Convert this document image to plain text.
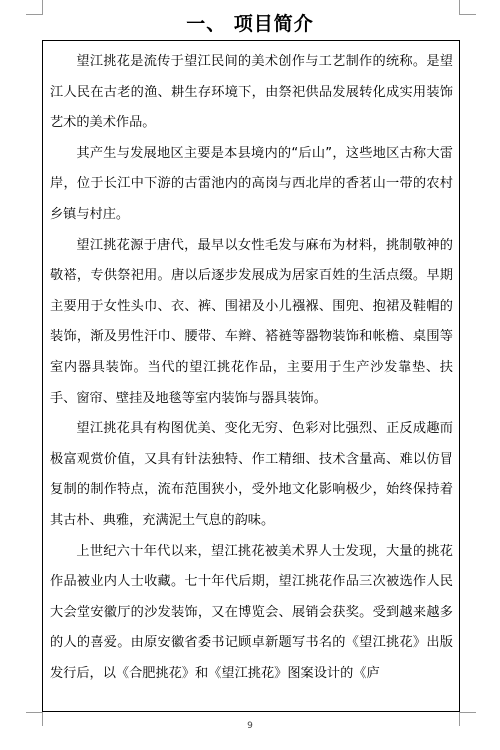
一、 项目简介

望江挑花是流传于望江民间的美术创作与工艺制作的统称。是望江人民在古老的渔、耕生存环境下，由祭祀供品发展转化成实用装饰艺术的美术作品。

其产生与发展地区主要是本县境内的“后山”，这些地区古称大雷岸，位于长江中下游的古雷池内的高岗与西北岸的香茗山一带的农村乡镇与村庄。

望江挑花源于唐代，最早以女性毛发与麻布为材料，挑制敬神的敬褡，专供祭祀用。唐以后逐步发展成为居家百姓的生活点缀。早期主要用于女性头巾、衣、裤、围裙及小儿襁褓、围兜、抱裙及鞋帽的装饰，渐及男性汗巾、腰带、车辫、褡裢等器物装饰和帐檐、桌围等室内器具装饰。当代的望江挑花作品，主要用于生产沙发靠垫、扶手、窗帘、壁挂及地毯等室内装饰与器具装饰。

望江挑花具有构图优美、变化无穷、色彩对比强烈、正反成趣而极富观赏价值，又具有针法独特、作工精细、技术含量高、难以仿冒复制的制作特点，流布范围狭小，受外地文化影响极少，始终保持着其古朴、典雅，充满泥土气息的韵味。

上世纪六十年代以来，望江挑花被美术界人士发现，大量的挑花作品被业内人士收藏。七十年代后期，望江挑花作品三次被选作人民大会堂安徽厅的沙发装饰，又在博览会、展销会获奖。受到越来越多的人的喜爱。由原安徽省委书记顾卓新题写书名的《望江挑花》出版发行后，以《合肥挑花》和《望江挑花》图案设计的《庐

9
